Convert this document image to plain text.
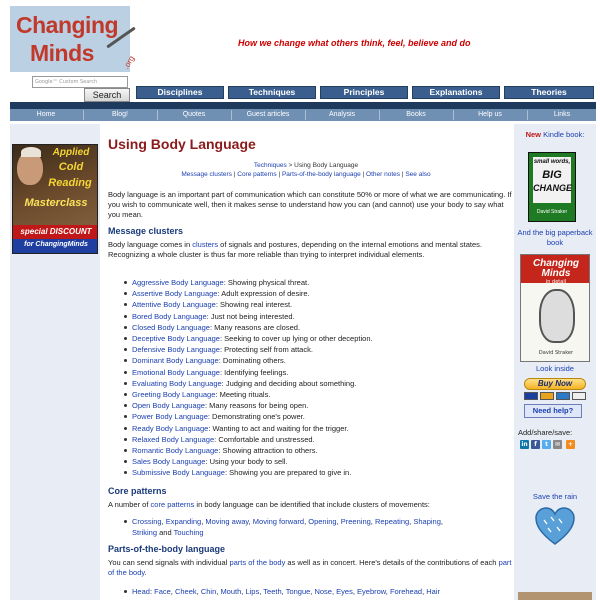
Changing
Minds	.org
How we change what others think, feel, believe and do
Google™ Custom Search
Search	Disciplines	Techniques	Principles	Explanations	Theories
Home	Blog!	Quotes	Guest articles	Analysis	Books	Help us	Links
Applied
Cold
Reading
Masterclass
special DISCOUNT
for ChangingMinds
Using Body Language
Techniques > Using Body Language
Message clusters | Core patterns | Parts-of-the-body language | Other notes | See also
Body language is an important part of communication which can constitute 50% or more of what we are communicating. If you wish to communicate well, then it makes sense to understand how you can (and cannot) use your body to say what you mean.
Message clusters
Body language comes in clusters of signals and postures, depending on the internal emotions and mental states. Recognizing a whole cluster is thus far more reliable than trying to interpret individual elements.
Aggressive Body Language: Showing physical threat.
Assertive Body Language: Adult expression of desire.
Attentive Body Language: Showing real interest.
Bored Body Language: Just not being interested.
Closed Body Language: Many reasons are closed.
Deceptive Body Language: Seeking to cover up lying or other deception.
Defensive Body Language: Protecting self from attack.
Dominant Body Language: Dominating others.
Emotional Body Language: Identifying feelings.
Evaluating Body Language: Judging and deciding about something.
Greeting Body Language: Meeting rituals.
Open Body Language: Many reasons for being open.
Power Body Language: Demonstrating one's power.
Ready Body Language: Wanting to act and waiting for the trigger.
Relaxed Body Language: Comfortable and unstressed.
Romantic Body Language: Showing attraction to others.
Sales Body Language: Using your body to sell.
Submissive Body Language: Showing you are prepared to give in.
Core patterns
A number of core patterns in body language can be identified that include clusters of movements:
Crossing, Expanding, Moving away, Moving forward, Opening, Preening, Repeating, Shaping,
Striking and Touching
Parts-of-the-body language
You can send signals with individual parts of the body as well as in concert. Here's details of the contributions of each part of the body.
Head: Face, Cheek, Chin, Mouth, Lips, Teeth, Tongue, Nose, Eyes, Eyebrow, Forehead, Hair
New Kindle book:
small words,
BIG
CHANGE
David Straker
And the big paperback book
Changing
Minds
in detail
David Straker
Look inside
Buy Now
Need help?
Add/share/save:
in	f	t	✉	+
Save the rain
